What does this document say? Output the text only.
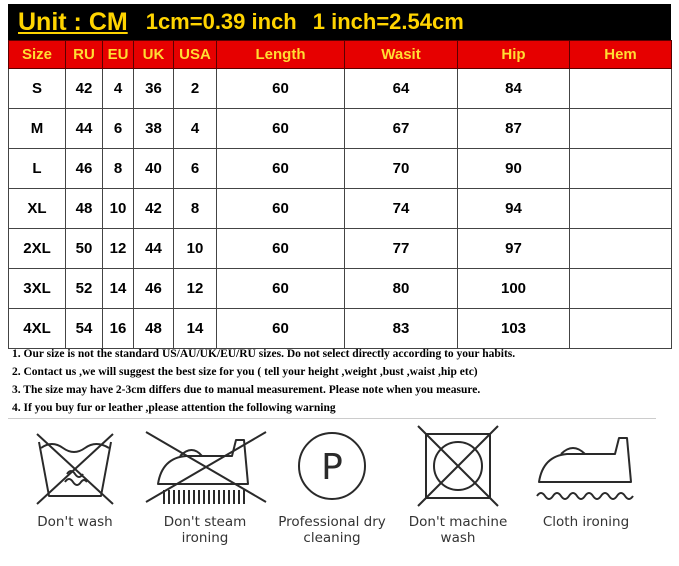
Unit : CM 1cm=0.39 inch 1 inch=2.54cm
Size	RU	EU	UK	USA	Length	Wasit	Hip	Hem
S	42	4	36	2	60	64	84	
M	44	6	38	4	60	67	87	
L	46	8	40	6	60	70	90	
XL	48	10	42	8	60	74	94	
2XL	50	12	44	10	60	77	97	
3XL	52	14	46	12	60	80	100	
4XL	54	16	48	14	60	83	103	
1. Our size is not the standard US/AU/UK/EU/RU sizes. Do not select directly according to your habits.
2. Contact us ,we will suggest the best size for you ( tell your height ,weight ,bust ,waist ,hip etc)
3. The size may have 2-3cm differs due to manual measurement. Please note when you measure.
4. If you buy fur or leather ,please attention the following warning
Don't wash	Don't steam ironing
P
Professional dry cleaning
Don't machine wash
Cloth ironing
